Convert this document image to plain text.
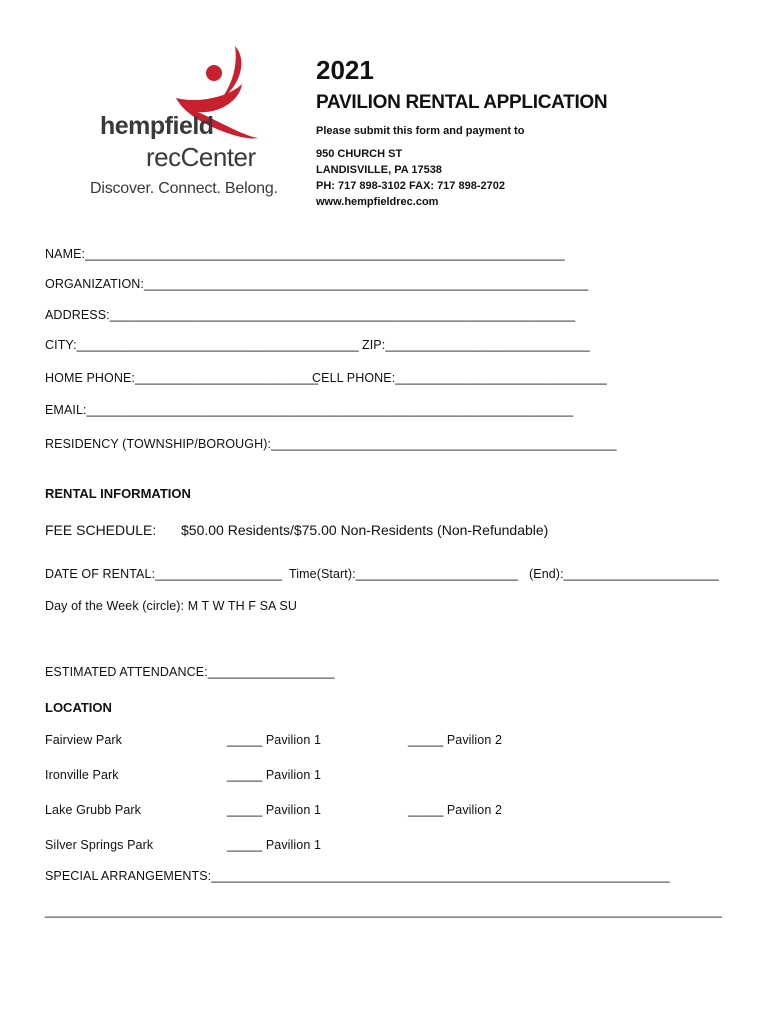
hempfield
recCenter
Discover. Connect. Belong.
2021
PAVILION RENTAL APPLICATION
Please submit this form and payment to
950 CHURCH ST
LANDISVILLE, PA 17538
PH: 717 898-3102 FAX: 717 898-2702
www.hempfieldrec.com
NAME:____________________________________________________________________
ORGANIZATION:_______________________________________________________________
ADDRESS:__________________________________________________________________
CITY:________________________________________ ZIP:_____________________________
HOME PHONE:__________________________
CELL PHONE:______________________________
EMAIL:_____________________________________________________________________
RESIDENCY (TOWNSHIP/BOROUGH):_________________________________________________
RENTAL INFORMATION
FEE SCHEDULE: $50.00 Residents/$75.00 Non-Residents (Non-Refundable)
DATE OF RENTAL:__________________ Time(Start):_______________________ (End):______________________
Day of the Week (circle): M T W TH F SA SU
ESTIMATED ATTENDANCE:__________________
LOCATION
Fairview Park	_____ Pavilion 1	_____ Pavilion 2
Ironville Park	_____ Pavilion 1
Lake Grubb Park	_____ Pavilion 1	_____ Pavilion 2
Silver Springs Park	_____ Pavilion 1
SPECIAL ARRANGEMENTS:_________________________________________________________________
________________________________________________________________________________________________
